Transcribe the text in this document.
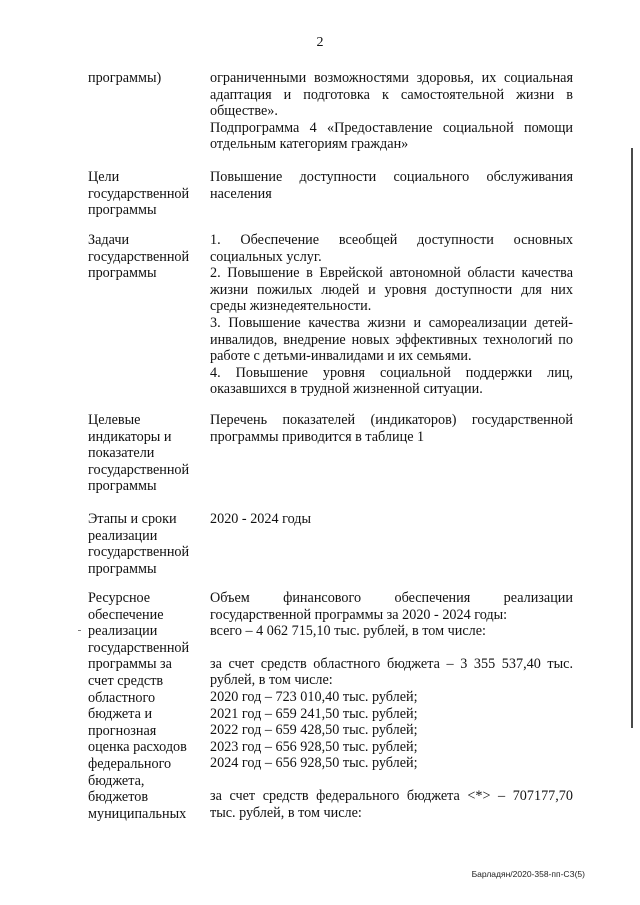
2

программы)	ограниченными возможностями здоровья, их социальная адаптация и подготовка к самостоятельной жизни в обществе».

Подпрограмма 4 «Предоставление социальной помощи отдельным категориям граждан»

Цели

государственной

программы

Повышение доступности социального обслуживания населения

Задачи

государственной

программы

1. Обеспечение всеобщей доступности основных социальных услуг.

2. Повышение в Еврейской автономной области качества жизни пожилых людей и уровня доступности для них среды жизнедеятельности.

3. Повышение качества жизни и самореализации детей-инвалидов, внедрение новых эффективных технологий по работе с детьми-инвалидами и их семьями.

4. Повышение уровня социальной поддержки лиц, оказавшихся в трудной жизненной ситуации.

Целевые

индикаторы и

показатели

государственной

программы

Перечень показателей (индикаторов) государственной программы приводится в таблице 1

Этапы и сроки

реализации

государственной

программы

2020 - 2024 годы

Ресурсное

обеспечение

реализации

государственной

программы за

счет средств

областного

бюджета и

прогнозная

оценка расходов

федерального

бюджета,

бюджетов

муниципальных

Объем финансового обеспечения реализации государственной программы за 2020 - 2024 годы:

всего – 4 062 715,10 тыс. рублей, в том числе:

за счет средств областного бюджета – 3 355 537,40 тыс. рублей, в том числе:

2020 год – 723 010,40 тыс. рублей;

2021 год – 659 241,50 тыс. рублей;

2022 год – 659 428,50 тыс. рублей;

2023 год – 656 928,50 тыс. рублей;

2024 год – 656 928,50 тыс. рублей;

за счет средств федерального бюджета <*> – 707177,70 тыс. рублей, в том числе:

Барладян/2020-358-пп-СЗ(5)
